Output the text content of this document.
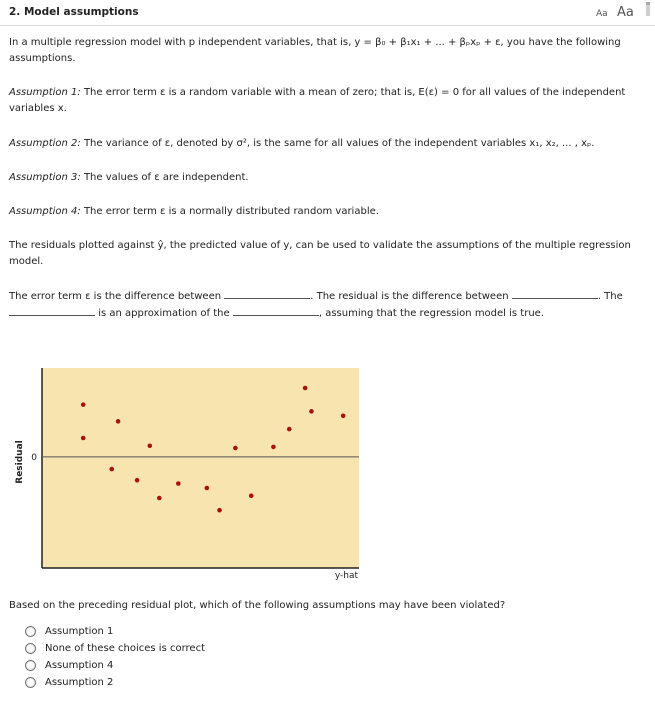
2. Model assumptions	Aa Aa
In a multiple regression model with p independent variables, that is, y = β₀ + β₁x₁ + ... + βₚxₚ + ε, you have the following assumptions.
Assumption 1: The error term ε is a random variable with a mean of zero; that is, E(ε) = 0 for all values of the independent variables x.
Assumption 2: The variance of ε, denoted by σ², is the same for all values of the independent variables x₁, x₂, ... , xₚ.
Assumption 3: The values of ε are independent.
Assumption 4: The error term ε is a normally distributed random variable.
The residuals plotted against ŷ, the predicted value of y, can be used to validate the assumptions of the multiple regression model.
The error term ε is the difference between	. The residual is the difference between	. The
is an approximation of the	, assuming that the regression model is true.
0
y-hat
Residual
Based on the preceding residual plot, which of the following assumptions may have been violated?
Assumption 1
None of these choices is correct
Assumption 4
Assumption 2
